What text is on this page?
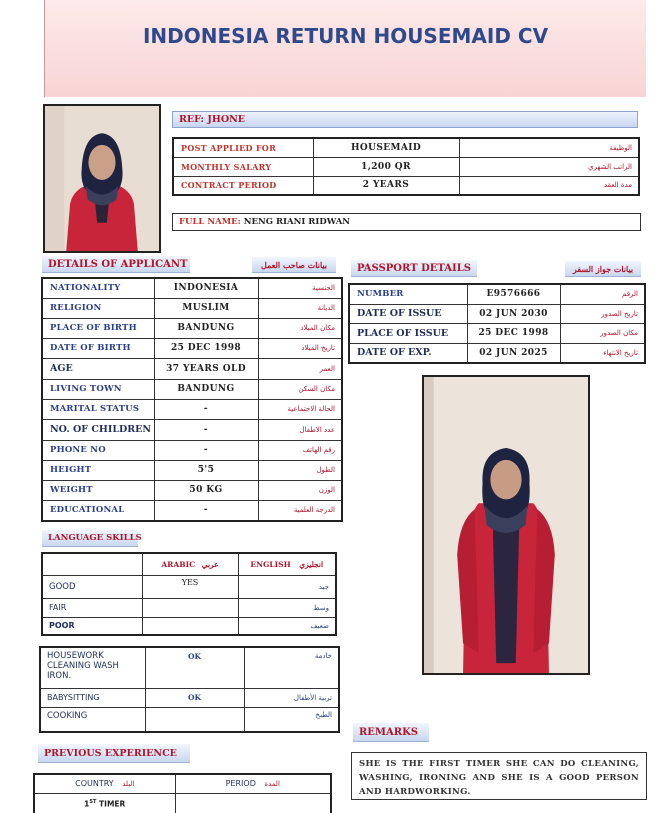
INDONESIA RETURN HOUSEMAID CV
REF:
JHONE
POST APPLIED FOR	HOUSEMAID	الوظيفة
MONTHLY SALARY	1,200 QR	الراتب الشهري
CONTRACT PERIOD	2 YEARS	مدة العقد
FULL NAME:
NENG RIANI RIDWAN
DETAILS OF APPLICANT	بيانات صاحب العمل
NATIONALITY	INDONESIA	الجنسية
RELIGION	MUSLIM	الديانة
PLACE OF BIRTH	BANDUNG	مكان الميلاد
DATE OF BIRTH	25 DEC 1998	تاريخ الميلاد
AGE	37 YEARS OLD	العمر
LIVING TOWN	BANDUNG	مكان السكن
MARITAL STATUS	-	الحالة الاجتماعية
NO. OF CHILDREN	-	عدد الاطفال
PHONE NO	-	رقم الهاتف
HEIGHT	5'5	الطول
WEIGHT	50 KG	الوزن
EDUCATIONAL	-	الدرجة العلمية
PASSPORT DETAILS	بيانات جواز السفر
NUMBER	E9576666	الرقم
DATE OF ISSUE	02 JUN 2030	تاريخ الصدور
PLACE OF ISSUE	25 DEC 1998	مكان الصدور
DATE OF EXP.	02 JUN 2025	تاريخ الانتهاء
LANGUAGE SKILLS
	ARABIC عربي	ENGLISH انجليزي
GOOD	YES	جيد
FAIR		وسط
POOR		ضعيف
HOUSEWORK
CLEANING WASH
IRON.	OK	خادمة
BABYSITTING	OK	تربية الأطفال
COOKING		الطبخ
REMARKS
SHE IS THE FIRST TIMER SHE CAN DO CLEANING, WASHING, IRONING AND SHE IS A GOOD PERSON AND HARDWORKING.
PREVIOUS EXPERIENCE
COUNTRY البلد	PERIOD المدة
1ST TIMER	
